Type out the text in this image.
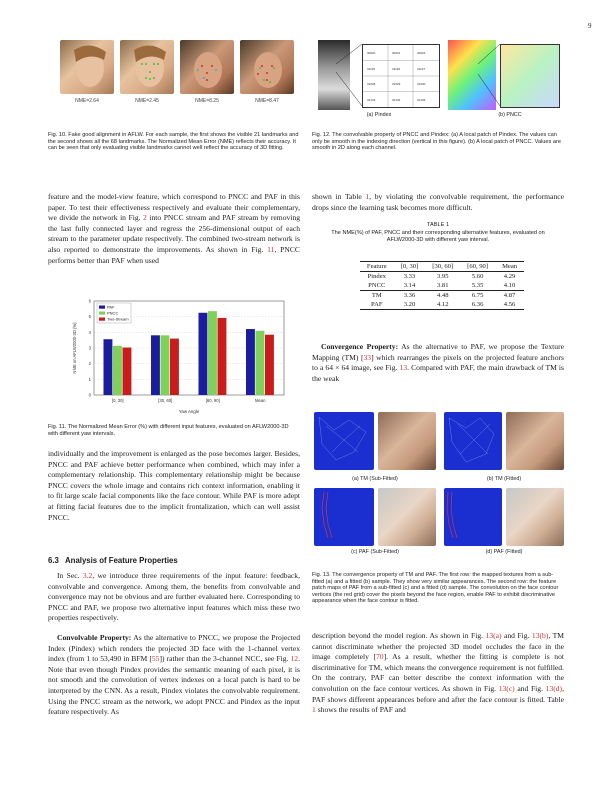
9
NME=2.64	NME=2.45	NME=8.25	NME=8.47
Fig. 10. Fake good alignment in AFLW. For each sample, the first shows the visible 21 landmarks and the second shows all the 68 landmarks. The Normalized Mean Error (NME) reflects their accuracy. It can be seen that only evaluating visible landmarks cannot well reflect the accuracy of 3D fitting.
30620	30621	30622
31125	31126	31127
31628	31629	31630
32133	32134	32135
(a) Pindex	(b) PNCC
Fig. 12. The convolvable property of PNCC and Pindex: (a) A local patch of Pindex. The values can only be smooth in the indexing direction (vertical in this figure). (b) A local patch of PNCC. Values are smooth in 2D along each channel.

feature and the model-view feature, which correspond to PNCC and PAF in this paper. To test their effectiveness respectively and evaluate their complementary, we divide the network in Fig. 2 into PNCC stream and PAF stream by removing the last fully connected layer and regress the 256-dimensional output of each stream to the parameter update respectively. The combined two-stream network is also reported to demonstrate the improvements. As shown in Fig. 11, PNCC performs better than PAF when used

shown in Table 1, by violating the convolvable requirement, the performance drops since the learning task becomes more difficult.

0
1
2
3
4
5
6
[0, 30]	[30, 60]	[60, 90]	Mean
Yaw Angle
NME on AFLW2000-3D (%)
PAF
PNCC
Two-Stream
Fig. 11. The Normalized Mean Error (%) with different input features, evaluated on AFLW2000-3D with different yaw intervals.
TABLE 1
The NME(%) of PAF, PNCC and their corresponding alternative features, evaluated on AFLW2000-3D with different yaw interval.
Feature	[0, 30]	[30, 60]	[60, 90]	Mean
Pindex	3.33	3.95	5.60	4.29
PNCC	3.14	3.81	5.35	4.10
TM	3.36	4.48	6.75	4.87
PAF	3.20	4.12	6.36	4.56

Convergence Property: As the alternative to PAF, we propose the Texture Mapping (TM) [33] which rearranges the pixels on the projected feature anchors to a 64 × 64 image, see Fig. 13. Compared with PAF, the main drawback of TM is the weak

(a) TM (Sub-Fitted)	(b) TM (Fitted)
(c) PAF (Sub-Fitted)	(d) PAF (Fitted)
Fig. 13. The convergence property of TM and PAF. The first row: the mapped textures from a sub-fitted (a) and a fitted (b) sample. They show very similar appearances. The second row: the feature patch maps of PAF from a sub-fitted (c) and a fitted (d) sample. The convolution on the face contour vertices (the red grid) cover the pixels beyond the face region, enable PAF to exhibit discriminative appearance when the face contour is fitted.

individually and the improvement is enlarged as the pose becomes larger. Besides, PNCC and PAF achieve better performance when combined, which may infer a complementary relationship. This complementary relationship might be because PNCC covers the whole image and contains rich context information, enabling it to fit large scale facial components like the face contour. While PAF is more adept at fitting facial features due to the implicit frontalization, which can well assist PNCC.

6.3   Analysis of Feature Properties

In Sec. 3.2, we introduce three requirements of the input feature: feedback, convolvable and convergence. Among them, the benefits from convolvable and convergence may not be obvious and are further evaluated here. Corresponding to PNCC and PAF, we propose two alternative input features which miss these two properties respectively.

Convolvable Property: As the alternative to PNCC, we propose the Projected Index (Pindex) which renders the projected 3D face with the 1-channel vertex index (from 1 to 53,490 in BFM [55]) rather than the 3-channel NCC, see Fig. 12. Note that even though Pindex provides the semantic meaning of each pixel, it is not smooth and the convolution of vertex indexes on a local patch is hard to be interpreted by the CNN. As a result, Pindex violates the convolvable requirement. Using the PNCC stream as the network, we adopt PNCC and Pindex as the input feature respectively. As

description beyond the model region. As shown in Fig. 13(a) and Fig. 13(b), TM cannot discriminate whether the projected 3D model occludes the face in the image completely [70]. As a result, whether the fitting is complete is not discriminative for TM, which means the convergence requirement is not fulfilled. On the contrary, PAF can better describe the context information with the convolution on the face contour vertices. As shown in Fig. 13(c) and Fig. 13(d), PAF shows different appearances before and after the face contour is fitted. Table 1 shows the results of PAF and
